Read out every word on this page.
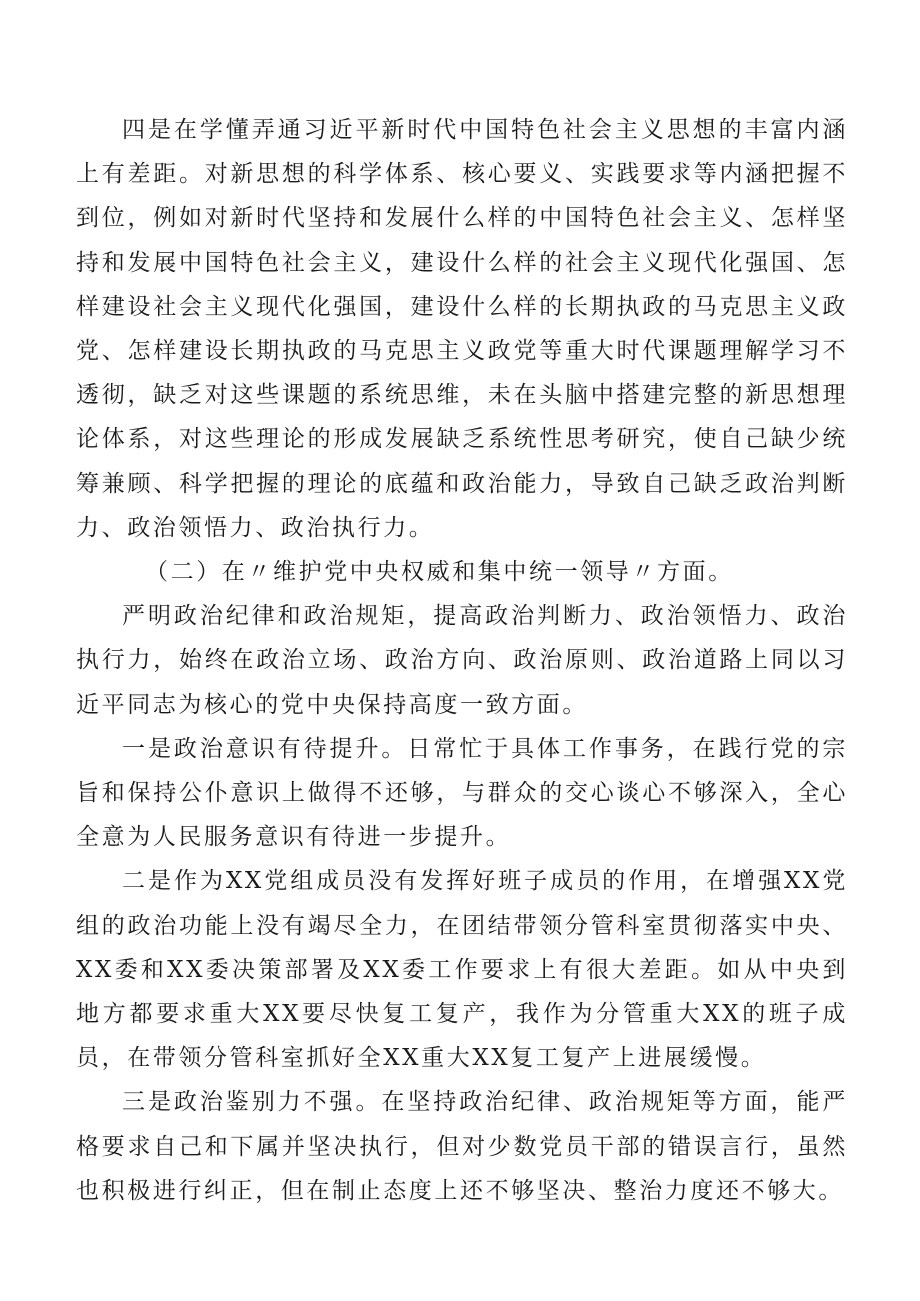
四是在学懂弄通习近平新时代中国特色社会主义思想的丰富内涵上有差距。对新思想的科学体系、核心要义、实践要求等内涵把握不到位，例如对新时代坚持和发展什么样的中国特色社会主义、怎样坚持和发展中国特色社会主义，建设什么样的社会主义现代化强国、怎样建设社会主义现代化强国，建设什么样的长期执政的马克思主义政党、怎样建设长期执政的马克思主义政党等重大时代课题理解学习不透彻，缺乏对这些课题的系统思维，未在头脑中搭建完整的新思想理论体系，对这些理论的形成发展缺乏系统性思考研究，使自己缺少统筹兼顾、科学把握的理论的底蕴和政治能力，导致自己缺乏政治判断力、政治领悟力、政治执行力。

（二）在〃维护党中央权威和集中统一领导〃方面。

严明政治纪律和政治规矩，提高政治判断力、政治领悟力、政治执行力，始终在政治立场、政治方向、政治原则、政治道路上同以习近平同志为核心的党中央保持高度一致方面。

一是政治意识有待提升。日常忙于具体工作事务，在践行党的宗旨和保持公仆意识上做得不还够，与群众的交心谈心不够深入，全心全意为人民服务意识有待进一步提升。

二是作为XX党组成员没有发挥好班子成员的作用，在增强XX党组的政治功能上没有竭尽全力，在团结带领分管科室贯彻落实中央、XX委和XX委决策部署及XX委工作要求上有很大差距。如从中央到地方都要求重大XX要尽快复工复产，我作为分管重大XX的班子成员，在带领分管科室抓好全XX重大XX复工复产上进展缓慢。

三是政治鉴别力不强。在坚持政治纪律、政治规矩等方面，能严格要求自己和下属并坚决执行，但对少数党员干部的错误言行，虽然也积极进行纠正，但在制止态度上还不够坚决、整治力度还不够大。
